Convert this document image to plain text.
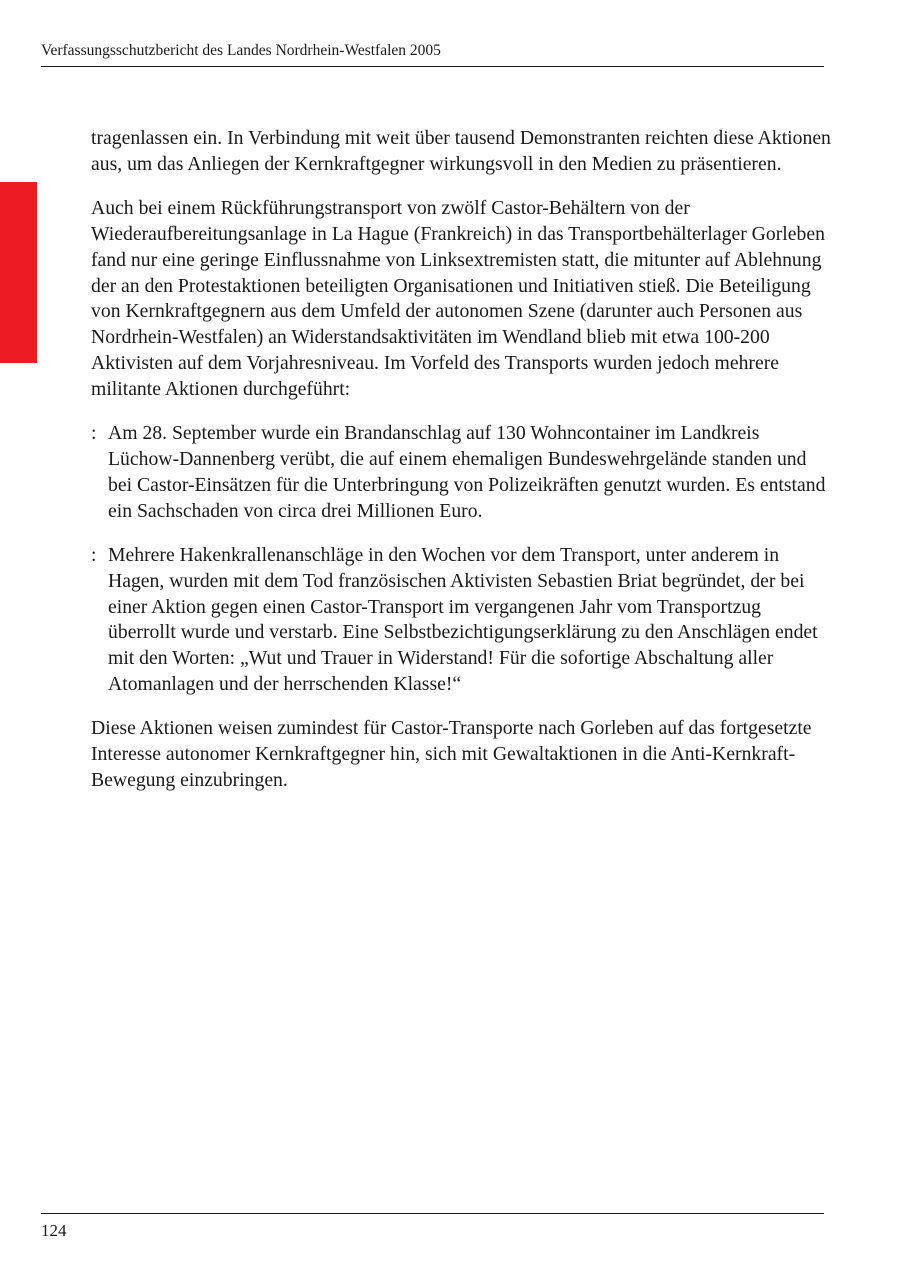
Verfassungsschutzbericht des Landes Nordrhein-Westfalen 2005

tragenlassen ein. In Verbindung mit weit über tausend Demonstranten reichten diese Aktionen aus, um das Anliegen der Kernkraftgegner wirkungsvoll in den Medien zu präsentieren.

Auch bei einem Rückführungstransport von zwölf Castor-Behältern von der Wiederaufbereitungsanlage in La Hague (Frankreich) in das Transportbehälterlager Gorleben fand nur eine geringe Einflussnahme von Linksextremisten statt, die mitunter auf Ablehnung der an den Protestaktionen beteiligten Organisationen und Initiativen stieß. Die Beteiligung von Kernkraftgegnern aus dem Umfeld der autonomen Szene (darunter auch Personen aus Nordrhein-Westfalen) an Widerstandsaktivitäten im Wendland blieb mit etwa 100-200 Aktivisten auf dem Vorjahresniveau. Im Vorfeld des Transports wurden jedoch mehrere militante Aktionen durchgeführt:

: Am 28. September wurde ein Brandanschlag auf 130 Wohncontainer im Landkreis Lüchow-Dannenberg verübt, die auf einem ehemaligen Bundeswehrgelände standen und bei Castor-Einsätzen für die Unterbringung von Polizeikräften genutzt wurden. Es entstand ein Sachschaden von circa drei Millionen Euro.
: Mehrere Hakenkrallenanschläge in den Wochen vor dem Transport, unter anderem in Hagen, wurden mit dem Tod französischen Aktivisten Sebastien Briat begründet, der bei einer Aktion gegen einen Castor-Transport im vergangenen Jahr vom Transportzug überrollt wurde und verstarb. Eine Selbstbezichtigungserklärung zu den Anschlägen endet mit den Worten: „Wut und Trauer in Widerstand! Für die sofortige Abschaltung aller Atomanlagen und der herrschenden Klasse!“

Diese Aktionen weisen zumindest für Castor-Transporte nach Gorleben auf das fortgesetzte Interesse autonomer Kernkraftgegner hin, sich mit Gewaltaktionen in die Anti-Kernkraft-Bewegung einzubringen.

124
